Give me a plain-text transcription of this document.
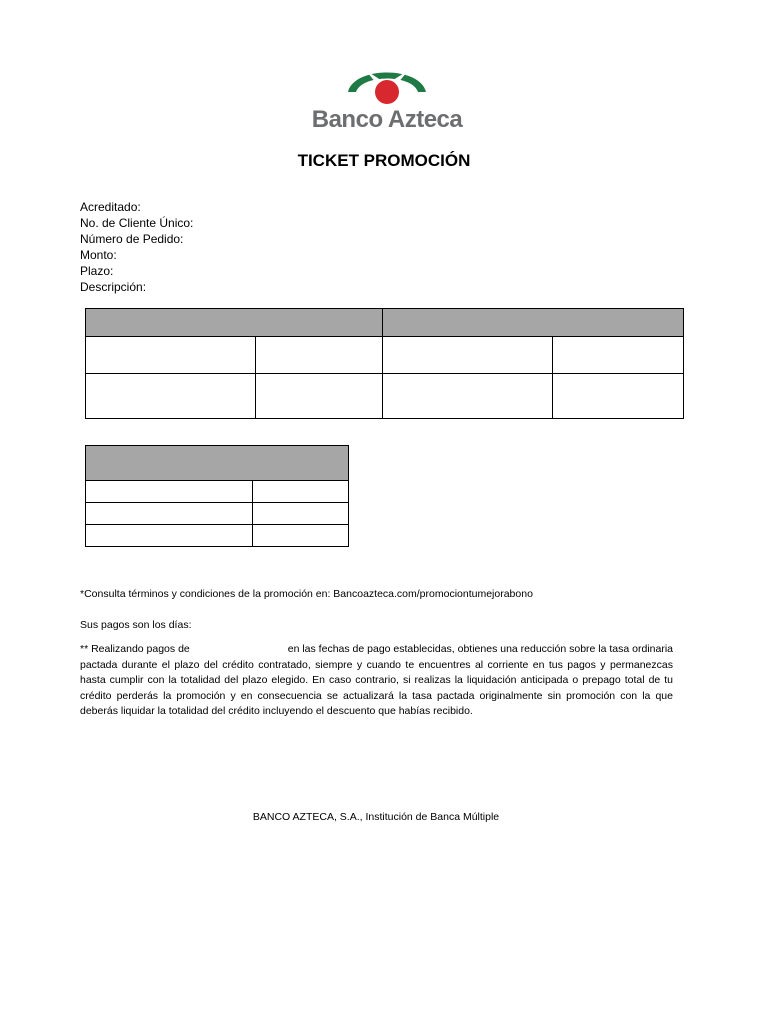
Banco Azteca
TICKET PROMOCIÓN
Acreditado:
No. de Cliente Único:
Número de Pedido:
Monto:
Plazo:
Descripción:

*Consulta términos y condiciones de la promoción en: Bancoazteca.com/promociontumejorabono
Sus pagos son los días:
** Realizando pagos de	en las fechas de pago establecidas, obtienes una reducción sobre la tasa ordinaria pactada durante el plazo del crédito contratado, siempre y cuando te encuentres al corriente en tus pagos y permanezcas hasta cumplir con la totalidad del plazo elegido. En caso contrario, si realizas la liquidación anticipada o prepago total de tu crédito perderás la promoción y en consecuencia se actualizará la tasa pactada originalmente sin promoción con la que deberás liquidar la totalidad del crédito incluyendo el descuento que habías recibido.
BANCO AZTECA, S.A., Institución de Banca Múltiple
